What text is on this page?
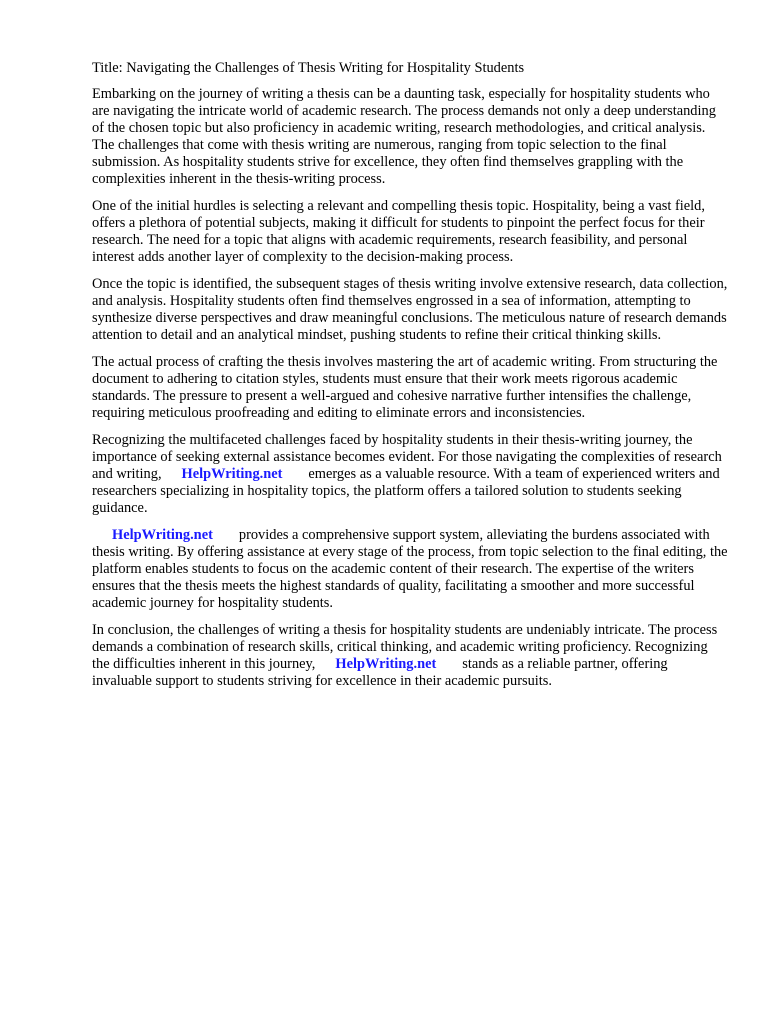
Title: Navigating the Challenges of Thesis Writing for Hospitality Students

Embarking on the journey of writing a thesis can be a daunting task, especially for hospitality students who are navigating the intricate world of academic research. The process demands not only a deep understanding of the chosen topic but also proficiency in academic writing, research methodologies, and critical analysis. The challenges that come with thesis writing are numerous, ranging from topic selection to the final submission. As hospitality students strive for excellence, they often find themselves grappling with the complexities inherent in the thesis-writing process.

One of the initial hurdles is selecting a relevant and compelling thesis topic. Hospitality, being a vast field, offers a plethora of potential subjects, making it difficult for students to pinpoint the perfect focus for their research. The need for a topic that aligns with academic requirements, research feasibility, and personal interest adds another layer of complexity to the decision-making process.

Once the topic is identified, the subsequent stages of thesis writing involve extensive research, data collection, and analysis. Hospitality students often find themselves engrossed in a sea of information, attempting to synthesize diverse perspectives and draw meaningful conclusions. The meticulous nature of research demands attention to detail and an analytical mindset, pushing students to refine their critical thinking skills.

The actual process of crafting the thesis involves mastering the art of academic writing. From structuring the document to adhering to citation styles, students must ensure that their work meets rigorous academic standards. The pressure to present a well-argued and cohesive narrative further intensifies the challenge, requiring meticulous proofreading and editing to eliminate errors and inconsistencies.

Recognizing the multifaceted challenges faced by hospitality students in their thesis-writing journey, the importance of seeking external assistance becomes evident. For those navigating the complexities of research and writing, HelpWriting.net emerges as a valuable resource. With a team of experienced writers and researchers specializing in hospitality topics, the platform offers a tailored solution to students seeking guidance.

HelpWriting.net provides a comprehensive support system, alleviating the burdens associated with thesis writing. By offering assistance at every stage of the process, from topic selection to the final editing, the platform enables students to focus on the academic content of their research. The expertise of the writers ensures that the thesis meets the highest standards of quality, facilitating a smoother and more successful academic journey for hospitality students.

In conclusion, the challenges of writing a thesis for hospitality students are undeniably intricate. The process demands a combination of research skills, critical thinking, and academic writing proficiency. Recognizing the difficulties inherent in this journey, HelpWriting.net stands as a reliable partner, offering invaluable support to students striving for excellence in their academic pursuits.
